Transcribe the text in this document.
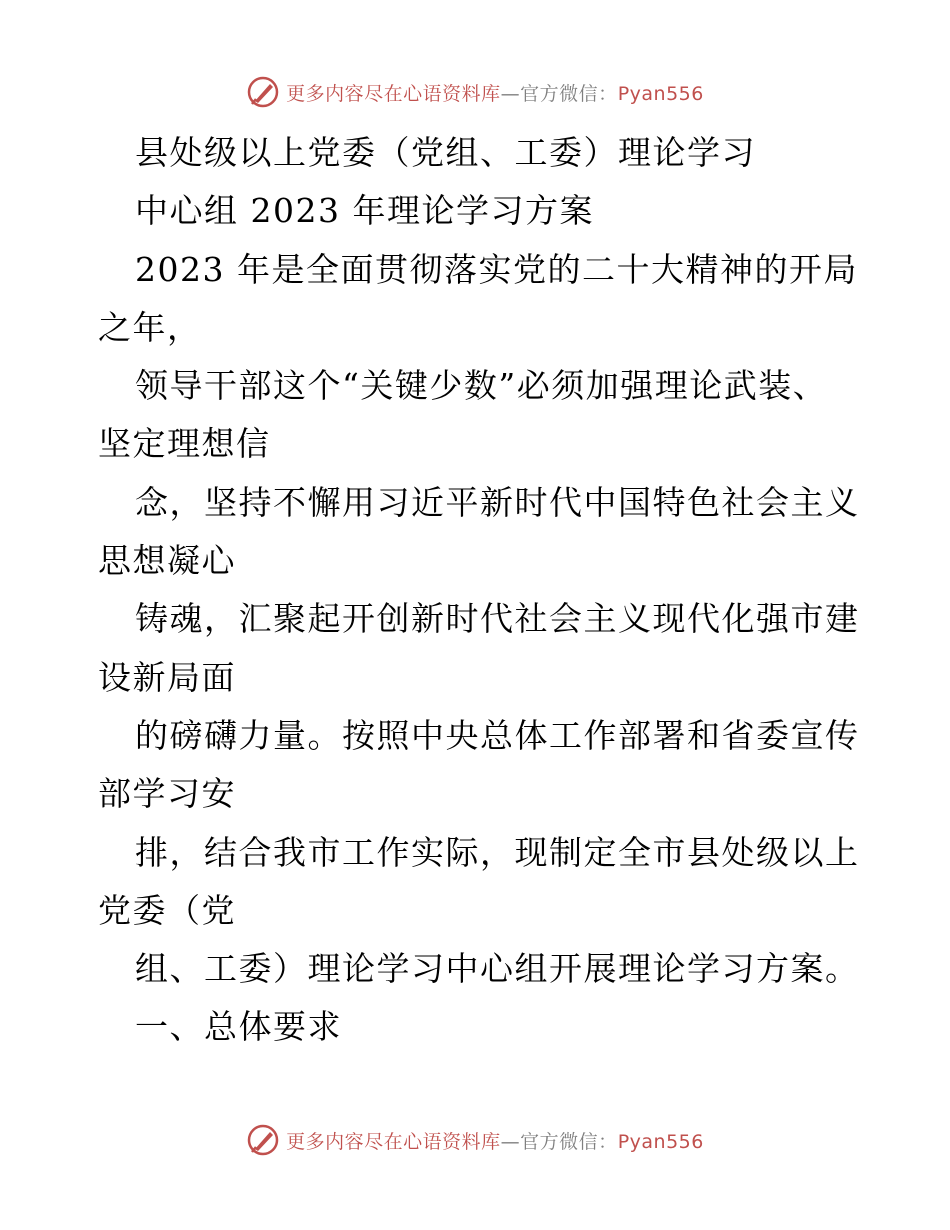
更多内容尽在心语资料库—官方微信：Pyan556
县处级以上党委（党组、工委）理论学习
中心组 2023 年理论学习方案
2023 年是全面贯彻落实党的二十大精神的开局
之年，
领导干部这个“关键少数”必须加强理论武装、
坚定理想信
念，坚持不懈用习近平新时代中国特色社会主义
思想凝心
铸魂，汇聚起开创新时代社会主义现代化强市建
设新局面
的磅礴力量。按照中央总体工作部署和省委宣传
部学习安
排，结合我市工作实际，现制定全市县处级以上
党委（党
组、工委）理论学习中心组开展理论学习方案。
一、总体要求
更多内容尽在心语资料库—官方微信：Pyan556
